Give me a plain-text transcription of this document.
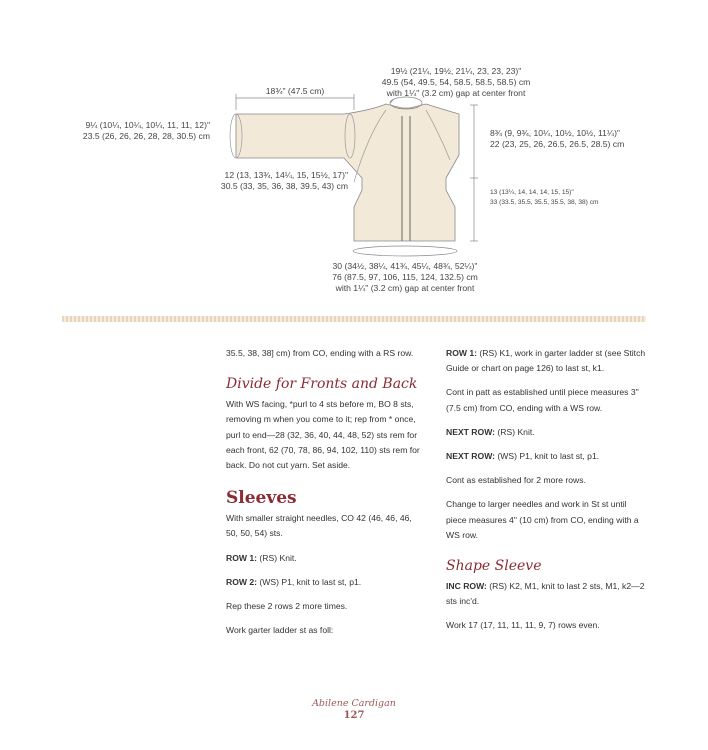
19½ (21¼, 19½, 21¼, 23, 23, 23)"
49.5 (54, 49.5, 54, 58.5, 58.5, 58.5) cm
with 1¼" (3.2 cm) gap at center front
18¾" (47.5 cm)
9¼ (10¼, 10¼, 10¼, 11, 11, 12)"
23.5 (26, 26, 26, 28, 28, 30.5) cm
12 (13, 13¾, 14¼, 15, 15½, 17)"
30.5 (33, 35, 36, 38, 39.5, 43) cm
8¾ (9, 9¾, 10¼, 10½, 10½, 11¼)"
22 (23, 25, 26, 26.5, 26.5, 28.5) cm
13 (13¼, 14, 14, 14, 15, 15)"
33 (33.5, 35.5, 35.5, 35.5, 38, 38) cm
30 (34½, 38¼, 41¾, 45¼, 48¾, 52¼)"
76 (87.5, 97, 106, 115, 124, 132.5) cm
with 1¼" (3.2 cm) gap at center front

35.5, 38, 38] cm) from CO, ending with a RS row.

Divide for Fronts and Back

With WS facing, *purl to 4 sts before m, BO 8 sts, removing m when you come to it; rep from * once, purl to end—28 (32, 36, 40, 44, 48, 52) sts rem for each front, 62 (70, 78, 86, 94, 102, 110) sts rem for back. Do not cut yarn. Set aside.

Sleeves

With smaller straight needles, CO 42 (46, 46, 46, 50, 50, 54) sts.

ROW 1: (RS) Knit.

ROW 2: (WS) P1, knit to last st, p1.

Rep these 2 rows 2 more times.

Work garter ladder st as foll:

ROW 1: (RS) K1, work in garter ladder st (see Stitch Guide or chart on page 126) to last st, k1.

Cont in patt as established until piece measures 3" (7.5 cm) from CO, ending with a WS row.

NEXT ROW: (RS) Knit.

NEXT ROW: (WS) P1, knit to last st, p1.

Cont as established for 2 more rows.

Change to larger needles and work in St st until piece measures 4" (10 cm) from CO, ending with a WS row.

Shape Sleeve

INC ROW: (RS) K2, M1, knit to last 2 sts, M1, k2—2 sts inc'd.

Work 17 (17, 11, 11, 11, 9, 7) rows even.

Abilene Cardigan
127
